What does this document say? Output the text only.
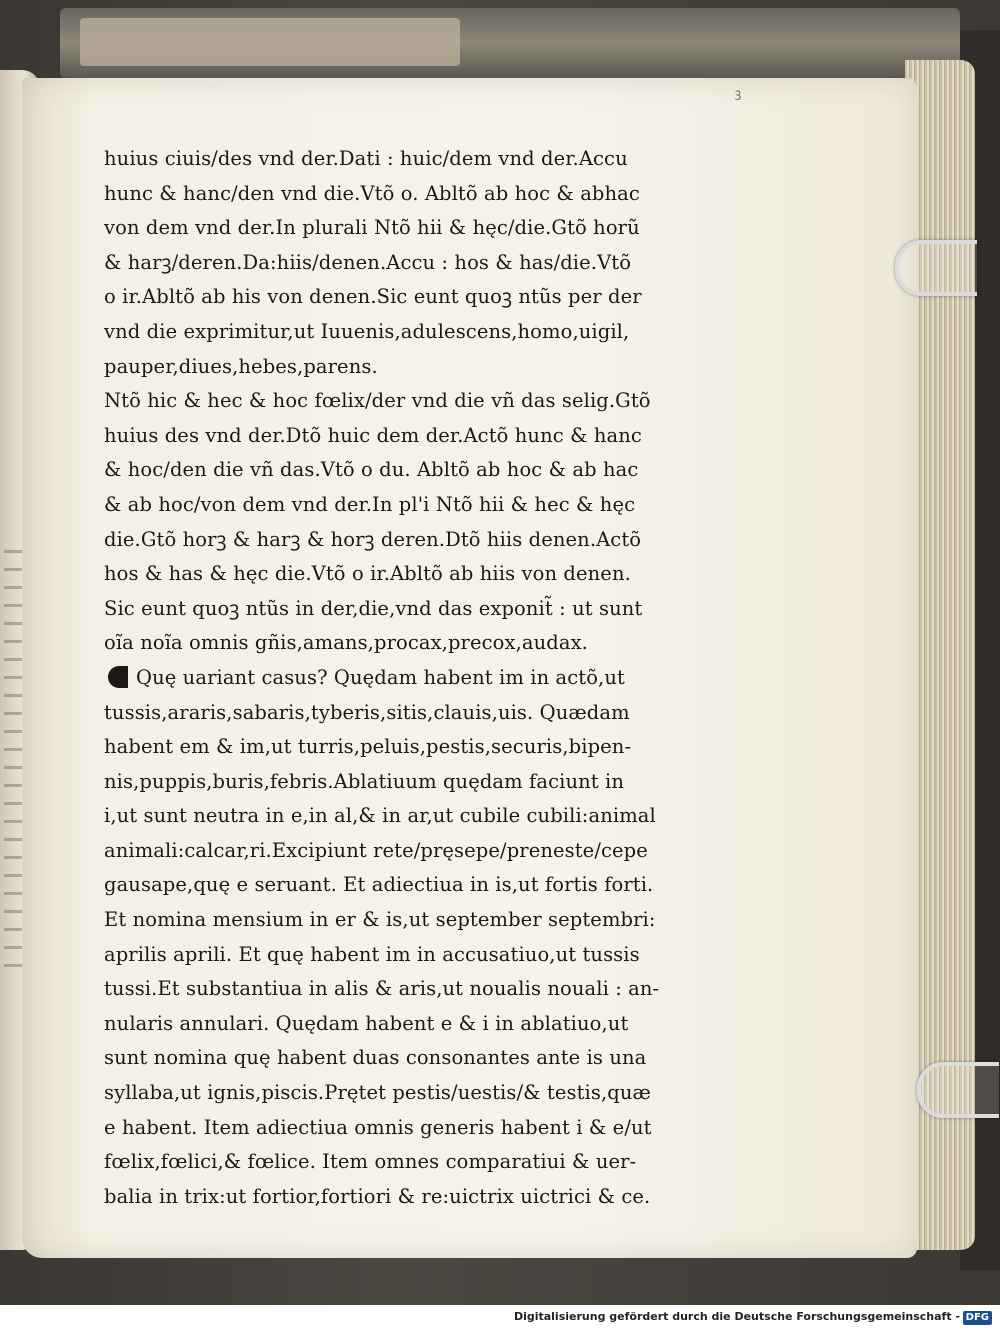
ꝫ
huius ciuis/des vnd der.Dati : huic/dem vnd der.Accu
hunc & hanc/den vnd die.Vtõ o. Abltõ ab hoc & abhac
von dem vnd der.In plurali Ntõ hii & hęc/die.Gtõ horũ
& harꝫ/deren.Da:hiis/denen.Accu : hos & has/die.Vtõ
o ir.Abltõ ab his von denen.Sic eunt quoꝫ ntũs per der
vnd die exprimitur,ut Iuuenis,adulescens,homo,uigil,
pauper,diues,hebes,parens.
Ntõ hic & hec & hoc fœlix/der vnd die vñ das selig.Gtõ
huius des vnd der.Dtõ huic dem der.Actõ hunc & hanc
& hoc/den die vñ das.Vtõ o du. Abltõ ab hoc & ab hac
& ab hoc/von dem vnd der.In pl'i Ntõ hii & hec & hęc
die.Gtõ horꝫ & harꝫ & horꝫ deren.Dtõ hiis denen.Actõ
hos & has & hęc die.Vtõ o ir.Abltõ ab hiis von denen.
Sic eunt quoꝫ ntũs in der,die,vnd das exponit̃ : ut sunt
oĩa noĩa omnis gñis,amans,procax,precox,audax.
Quę uariant casus? Quędam habent im in actõ,ut
tussis,araris,sabaris,tyberis,sitis,clauis,uis. Quædam
habent em & im,ut turris,peluis,pestis,securis,bipen-
nis,puppis,buris,febris.Ablatiuum quędam faciunt in
i,ut sunt neutra in e,in al,& in ar,ut cubile cubili:animal
animali:calcar,ri.Excipiunt rete/pręsepe/preneste/cepe
gausape,quę e seruant. Et adiectiua in is,ut fortis forti.
Et nomina mensium in er & is,ut september septembri:
aprilis aprili. Et quę habent im in accusatiuo,ut tussis
tussi.Et substantiua in alis & aris,ut noualis nouali : an-
nularis annulari. Quędam habent e & i in ablatiuo,ut
sunt nomina quę habent duas consonantes ante is una
syllaba,ut ignis,piscis.Prętet pestis/uestis/& testis,quæ
e habent. Item adiectiua omnis generis habent i & e/ut
fœlix,fœlici,& fœlice. Item omnes comparatiui & uer-
balia in trix:ut fortior,fortiori & re:uictrix uictrici & ce.
Digitalisierung gefördert durch die Deutsche Forschungsgemeinschaft - DFG
